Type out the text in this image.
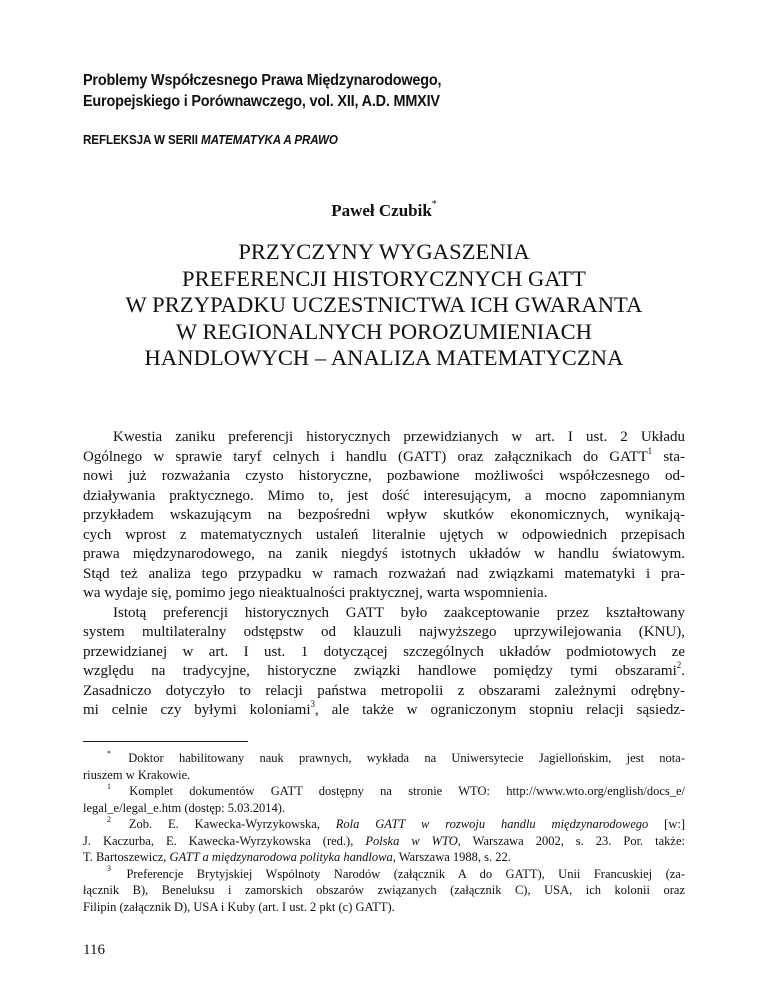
Problemy Współczesnego Prawa Międzynarodowego,
Europejskiego i Porównawczego, vol. XII, A.D. MMXIV
REFLEKSJA W SERII MATEMATYKA A PRAWO
Paweł Czubik*
PRZYCZYNY WYGASZENIA
PREFERENCJI HISTORYCZNYCH GATT
W PRZYPADKU UCZESTNICTWA ICH GWARANTA
W REGIONALNYCH POROZUMIENIACH
HANDLOWYCH – ANALIZA MATEMATYCZNA
Kwestia zaniku preferencji historycznych przewidzianych w art. I ust. 2 Układu
Ogólnego w sprawie taryf celnych i handlu (GATT) oraz załącznikach do GATT$^1$ sta-
nowi już rozważania czysto historyczne, pozbawione możliwości współczesnego od-
działywania praktycznego. Mimo to, jest dość interesującym, a mocno zapomnianym
przykładem wskazującym na bezpośredni wpływ skutków ekonomicznych, wynikają-
cych wprost z matematycznych ustaleń literalnie ujętych w odpowiednich przepisach
prawa międzynarodowego, na zanik niegdyś istotnych układów w handlu światowym.
Stąd też analiza tego przypadku w ramach rozważań nad związkami matematyki i pra-
wa wydaje się, pomimo jego nieaktualności praktycznej, warta wspomnienia.
Istotą preferencji historycznych GATT było zaakceptowanie przez kształtowany
system multilateralny odstępstw od klauzuli najwyższego uprzywilejowania (KNU),
przewidzianej w art. I ust. 1 dotyczącej szczególnych układów podmiotowych ze
względu na tradycyjne, historyczne związki handlowe pomiędzy tymi obszarami$^2$.
Zasadniczo dotyczyło to relacji państwa metropolii z obszarami zależnymi odrębny-
mi celnie czy byłymi koloniami$^3$, ale także w ograniczonym stopniu relacji sąsiedz-
* Doktor habilitowany nauk prawnych, wykłada na Uniwersytecie Jagiellońskim, jest nota-
riuszem w Krakowie.
$^1$ Komplet dokumentów GATT dostępny na stronie WTO: http://www.wto.org/english/docs_e/
legal_e/legal_e.htm (dostęp: 5.03.2014).
$^2$ Zob. E. Kawecka-Wyrzykowska, Rola GATT w rozwoju handlu międzynarodowego [w:]
J. Kaczurba, E. Kawecka-Wyrzykowska (red.), Polska w WTO, Warszawa 2002, s. 23. Por. także:
T. Bartoszewicz, GATT a międzynarodowa polityka handlowa, Warszawa 1988, s. 22.
$^3$ Preferencje Brytyjskiej Wspólnoty Narodów (załącznik A do GATT), Unii Francuskiej (za-
łącznik B), Beneluksu i zamorskich obszarów związanych (załącznik C), USA, ich kolonii oraz
Filipin (załącznik D), USA i Kuby (art. I ust. 2 pkt (c) GATT).
116
